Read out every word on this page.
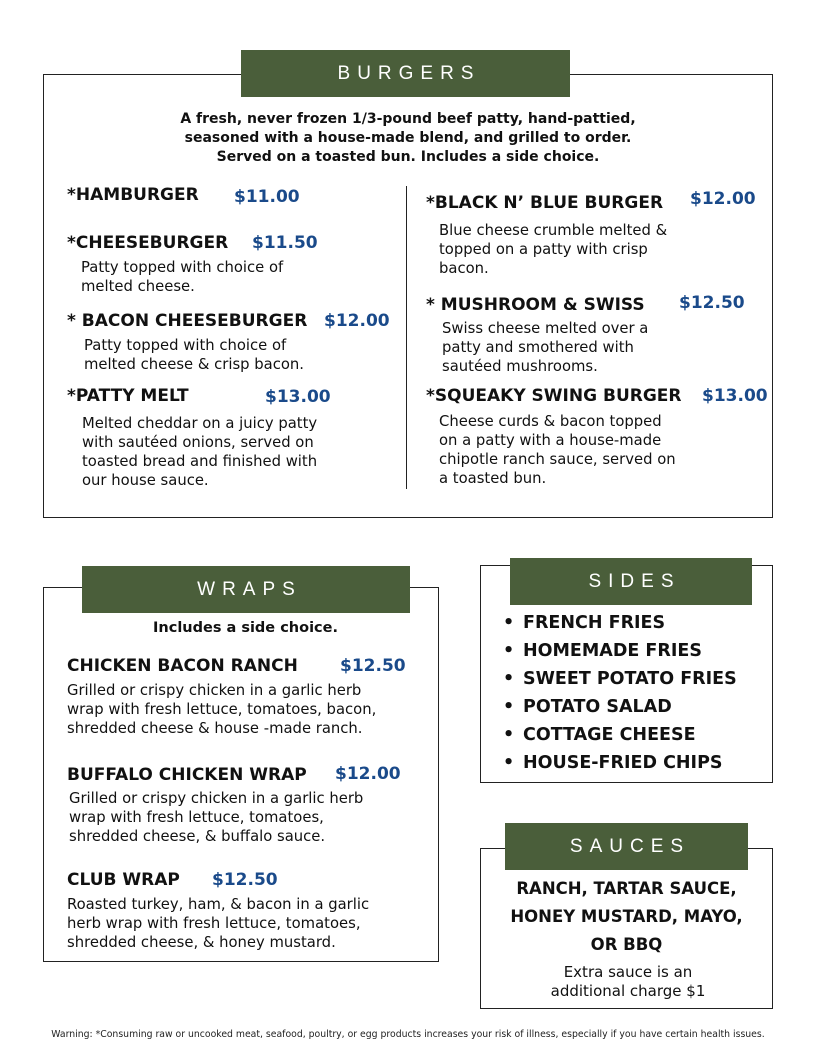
BURGERS
A fresh, never frozen 1/3-pound beef patty, hand-pattied,
seasoned with a house-made blend, and grilled to order.
Served on a toasted bun. Includes a side choice.
*HAMBURGER $11.00
*CHEESEBURGER $11.50
Patty topped with choice of
melted cheese.
* BACON CHEESEBURGER $12.00
Patty topped with choice of
melted cheese & crisp bacon.
*PATTY MELT	$13.00
Melted cheddar on a juicy patty
with sautéed onions, served on
toasted bread and finished with
our house sauce.
*BLACK N’ BLUE BURGER $12.00
Blue cheese crumble melted &
topped on a patty with crisp
bacon.
* MUSHROOM & SWISS $12.50
Swiss cheese melted over a
patty and smothered with
sautéed mushrooms.
*SQUEAKY SWING BURGER $13.00
Cheese curds & bacon topped
on a patty with a house-made
chipotle ranch sauce, served on
a toasted bun.
WRAPS
Includes a side choice.
CHICKEN BACON RANCH $12.50
Grilled or crispy chicken in a garlic herb
wrap with fresh lettuce, tomatoes, bacon,
shredded cheese & house -made ranch.
BUFFALO CHICKEN WRAP $12.00
Grilled or crispy chicken in a garlic herb
wrap with fresh lettuce, tomatoes,
shredded cheese, & buffalo sauce.
CLUB WRAP $12.50
Roasted turkey, ham, & bacon in a garlic
herb wrap with fresh lettuce, tomatoes,
shredded cheese, & honey mustard.
SIDES
• FRENCH FRIES
• HOMEMADE FRIES
• SWEET POTATO FRIES
• POTATO SALAD
• COTTAGE CHEESE
• HOUSE-FRIED CHIPS
SAUCES
RANCH, TARTAR SAUCE,
HONEY MUSTARD, MAYO,
OR BBQ
Extra sauce is an
additional charge $1
Warning: *Consuming raw or uncooked meat, seafood, poultry, or egg products increases your risk of illness, especially if you have certain health issues.
